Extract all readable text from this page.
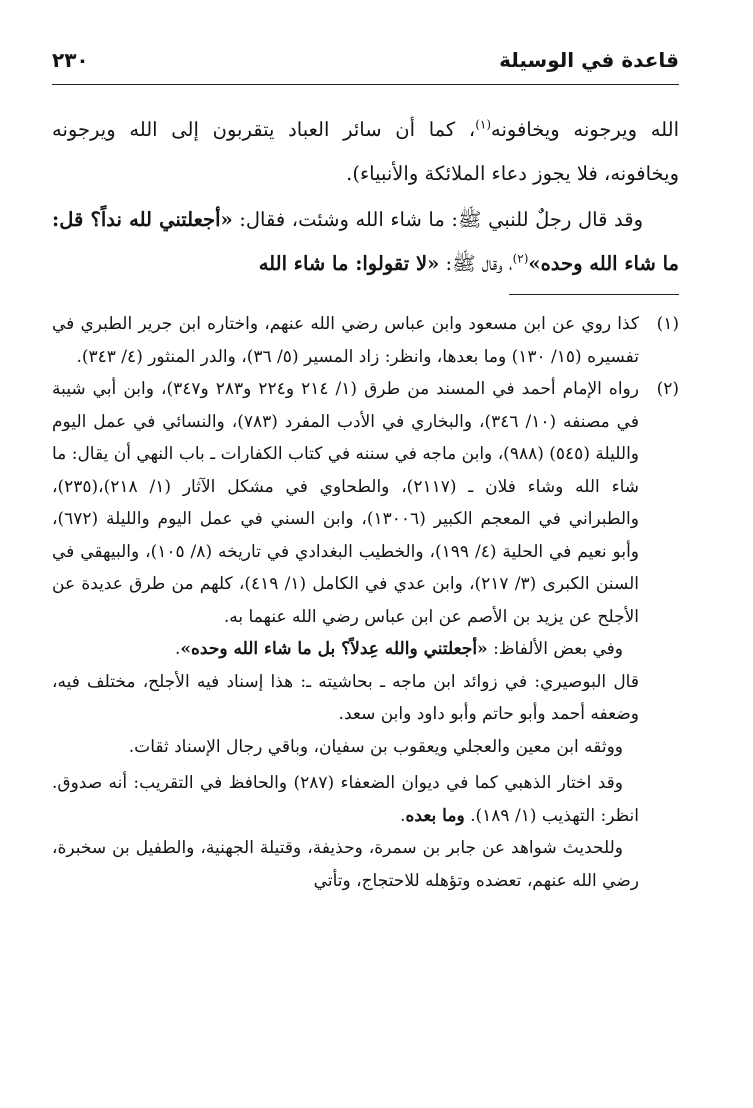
قاعدة في الوسيلة
٢٣٠

الله ويرجونه ويخافونه$^{(١)}$، كما أن سائر العباد يتقربون إلى الله ويرجونه ويخافونه، فلا يجوز دعاء الملائكة والأنبياء).

وقد قال رجلٌ للنبي ﷺ: ما شاء الله وشئت، فقال: «أجعلتني لله نداً؟ قل: ما شاء الله وحده»$^{(٢)}$، وقال ﷺ: «لا تقولوا: ما شاء الله

(١)

كذا روي عن ابن مسعود وابن عباس رضي الله عنهم، واختاره ابن جرير الطبري في تفسيره (١٥/ ١٣٠) وما بعدها، وانظر: زاد المسير (٥/ ٣٦)، والدر المنثور (٤/ ٣٤٣).

(٢)

رواه الإمام أحمد في المسند من طرق (١/ ٢١٤ و٢٢٤ و٢٨٣ و٣٤٧)، وابن أبي شيبة في مصنفه (١٠/ ٣٤٦)، والبخاري في الأدب المفرد (٧٨٣)، والنسائي في عمل اليوم والليلة (٥٤٥) (٩٨٨)، وابن ماجه في سننه في كتاب الكفارات ـ باب النهي أن يقال: ما شاء الله وشاء فلان ـ (٢١١٧)، والطحاوي في مشكل الآثار (١/ ٢١٨)،(٢٣٥)، والطبراني في المعجم الكبير (١٣٠٠٦)، وابن السني في عمل اليوم والليلة (٦٧٢)، وأبو نعيم في الحلية (٤/ ١٩٩)، والخطيب البغدادي في تاريخه (٨/ ١٠٥)، والبيهقي في السنن الكبرى (٣/ ٢١٧)، وابن عدي في الكامل (١/ ٤١٩)، كلهم من طرق عديدة عن الأجلح عن يزيد بن الأصم عن ابن عباس رضي الله عنهما به.

وفي بعض الألفاظ: «أجعلتني والله عِدلاً؟ بل ما شاء الله وحده».

قال البوصيري: في زوائد ابن ماجه ـ بحاشيته ـ: هذا إسناد فيه الأجلح، مختلف فيه، وضعفه أحمد وأبو حاتم وأبو داود وابن سعد.

ووثقه ابن معين والعجلي ويعقوب بن سفيان، وباقي رجال الإسناد ثقات.

وقد اختار الذهبي كما في ديوان الضعفاء (٢٨٧) والحافظ في التقريب: أنه صدوق. انظر: التهذيب (١/ ١٨٩). وما بعده.

وللحديث شواهد عن جابر بن سمرة، وحذيفة، وقتيلة الجهنية، والطفيل بن سخبرة، رضي الله عنهم، تعضده وتؤهله للاحتجاج، وتأتي
